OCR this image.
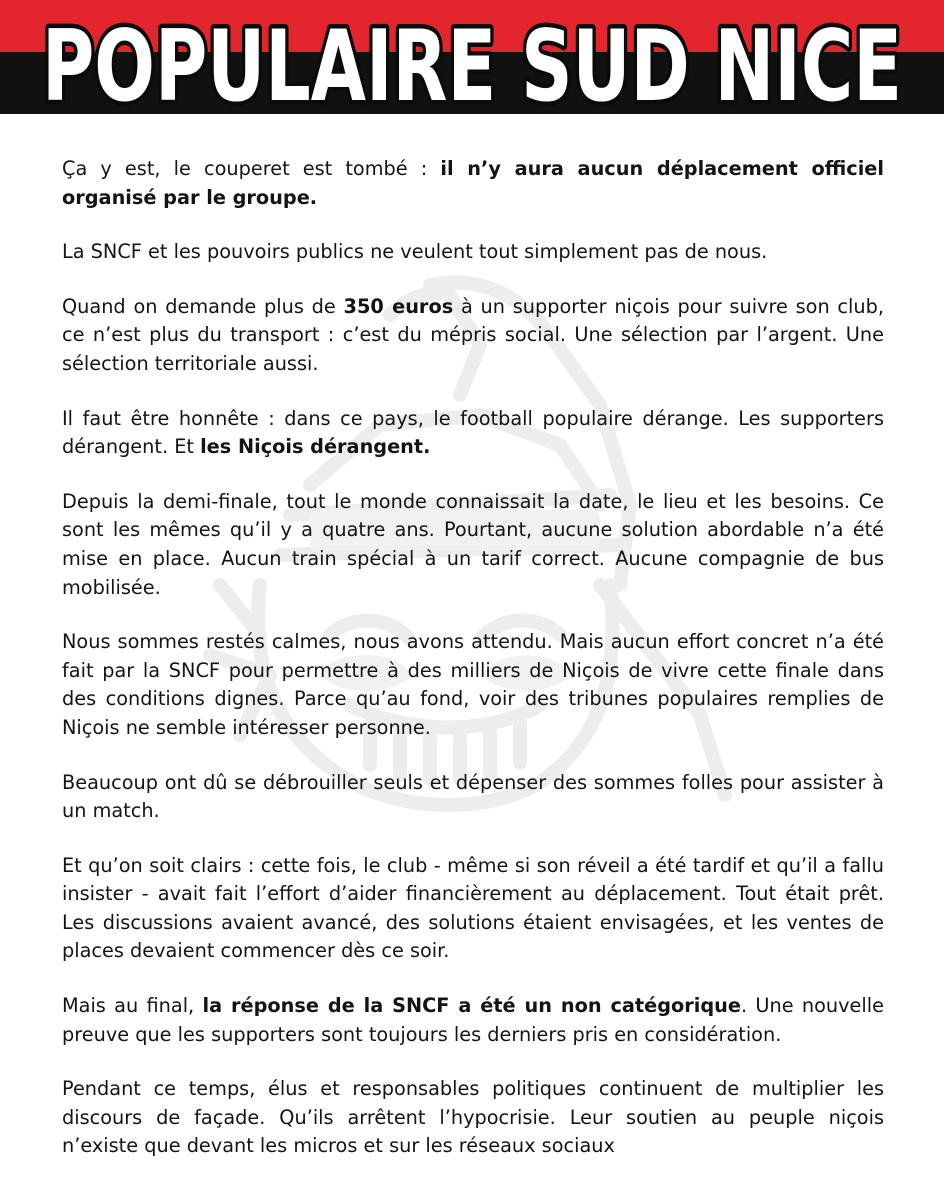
POPULAIRE SUD NICE

Ça y est, le couperet est tombé : il n’y aura aucun déplacement officiel organisé par le groupe.

La SNCF et les pouvoirs publics ne veulent tout simplement pas de nous.

Quand on demande plus de 350 euros à un supporter niçois pour suivre son club, ce n’est plus du transport : c’est du mépris social. Une sélection par l’argent. Une sélection territoriale aussi.

Il faut être honnête : dans ce pays, le football populaire dérange. Les supporters dérangent. Et les Niçois dérangent.

Depuis la demi-finale, tout le monde connaissait la date, le lieu et les besoins. Ce sont les mêmes qu’il y a quatre ans. Pourtant, aucune solution abordable n’a été mise en place. Aucun train spécial à un tarif correct. Aucune compagnie de bus mobilisée.

Nous sommes restés calmes, nous avons attendu. Mais aucun effort concret n’a été fait par la SNCF pour permettre à des milliers de Niçois de vivre cette finale dans des conditions dignes. Parce qu’au fond, voir des tribunes populaires remplies de Niçois ne semble intéresser personne.

Beaucoup ont dû se débrouiller seuls et dépenser des sommes folles pour assister à un match.

Et qu’on soit clairs : cette fois, le club - même si son réveil a été tardif et qu’il a fallu insister - avait fait l’effort d’aider financièrement au déplacement. Tout était prêt. Les discussions avaient avancé, des solutions étaient envisagées, et les ventes de places devaient commencer dès ce soir.

Mais au final, la réponse de la SNCF a été un non catégorique. Une nouvelle preuve que les supporters sont toujours les derniers pris en considération.

Pendant ce temps, élus et responsables politiques continuent de multiplier les discours de façade. Qu’ils arrêtent l’hypocrisie. Leur soutien au peuple niçois n’existe que devant les micros et sur les réseaux sociaux
